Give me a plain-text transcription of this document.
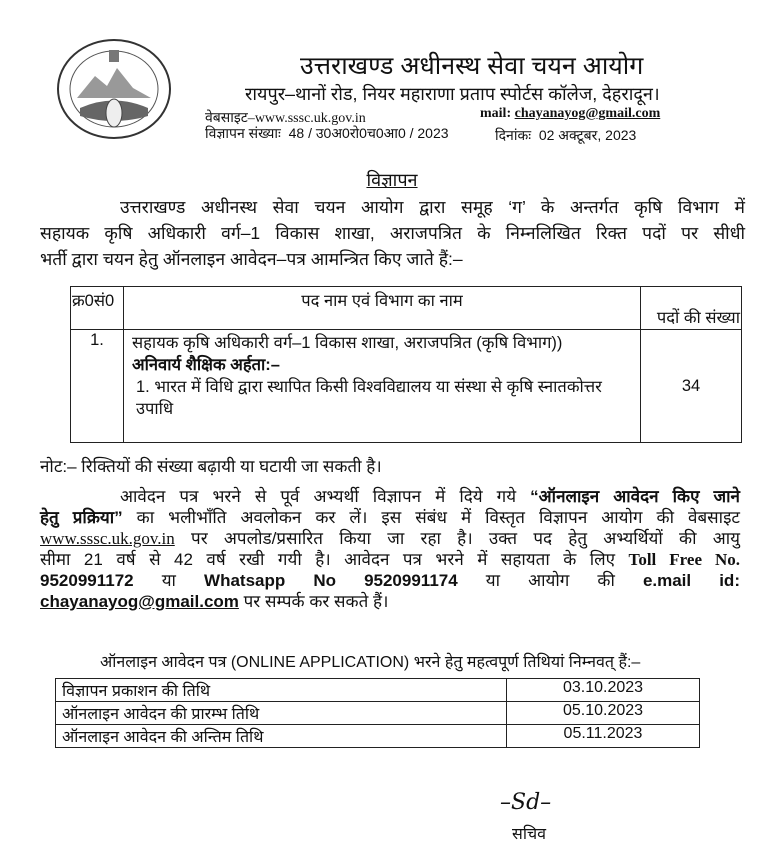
उत्तराखण्ड अधीनस्थ सेवा चयन आयोग
रायपुर–थानों रोड, नियर महाराणा प्रताप स्पोर्टस कॉलेज, देहरादून।
वेबसाइट–www.sssc.uk.gov.in	mail: chayanayog@gmail.com
विज्ञापन संख्याः 48 / उ0अ0रो0च0आ0 / 2023	दिनांकः 02 अक्टूबर, 2023
विज्ञापन
उत्तराखण्ड अधीनस्थ सेवा चयन आयोग द्वारा समूह ‘ग’ के अन्तर्गत कृषि विभाग में
सहायक कृषि अधिकारी वर्ग–1 विकास शाखा, अराजपत्रित के निम्नलिखित रिक्त पदों पर सीधी
भर्ती द्वारा चयन हेतु ऑनलाइन आवेदन–पत्र आमन्त्रित किए जाते हैं:–
क्र0सं0	पद नाम एवं विभाग का नाम	पदों की संख्या
1.	सहायक कृषि अधिकारी वर्ग–1 विकास शाखा, अराजपत्रित (कृषि विभाग))
अनिवार्य शैक्षिक अर्हता:–
1. भारत में विधि द्वारा स्थापित किसी विश्वविद्यालय या संस्था से कृषि स्नातकोत्तर उपाधि	34
नोट:– रिक्तियों की संख्या बढ़ायी या घटायी जा सकती है।
आवेदन पत्र भरने से पूर्व अभ्यर्थी विज्ञापन में दिये गये “ऑनलाइन आवेदन किए जाने
हेतु प्रक्रिया” का भलीभाँति अवलोकन कर लें। इस संबंध में विस्तृत विज्ञापन आयोग की वेबसाइट
www.sssc.uk.gov.in पर अपलोड/प्रसारित किया जा रहा है। उक्त पद हेतु अभ्यर्थियों की आयु
सीमा 21 वर्ष से 42 वर्ष रखी गयी है। आवेदन पत्र भरने में सहायता के लिए Toll Free No.
9520991172 या Whatsapp No 9520991174 या आयोग की e.mail id:
chayanayog@gmail.com पर सम्पर्क कर सकते हैं।
ऑनलाइन आवेदन पत्र (ONLINE APPLICATION) भरने हेतु महत्वपूर्ण तिथियां निम्नवत् हैं:–
विज्ञापन प्रकाशन की तिथि	03.10.2023
ऑनलाइन आवेदन की प्रारम्भ तिथि	05.10.2023
ऑनलाइन आवेदन की अन्तिम तिथि	05.11.2023
–Sd–
सचिव
